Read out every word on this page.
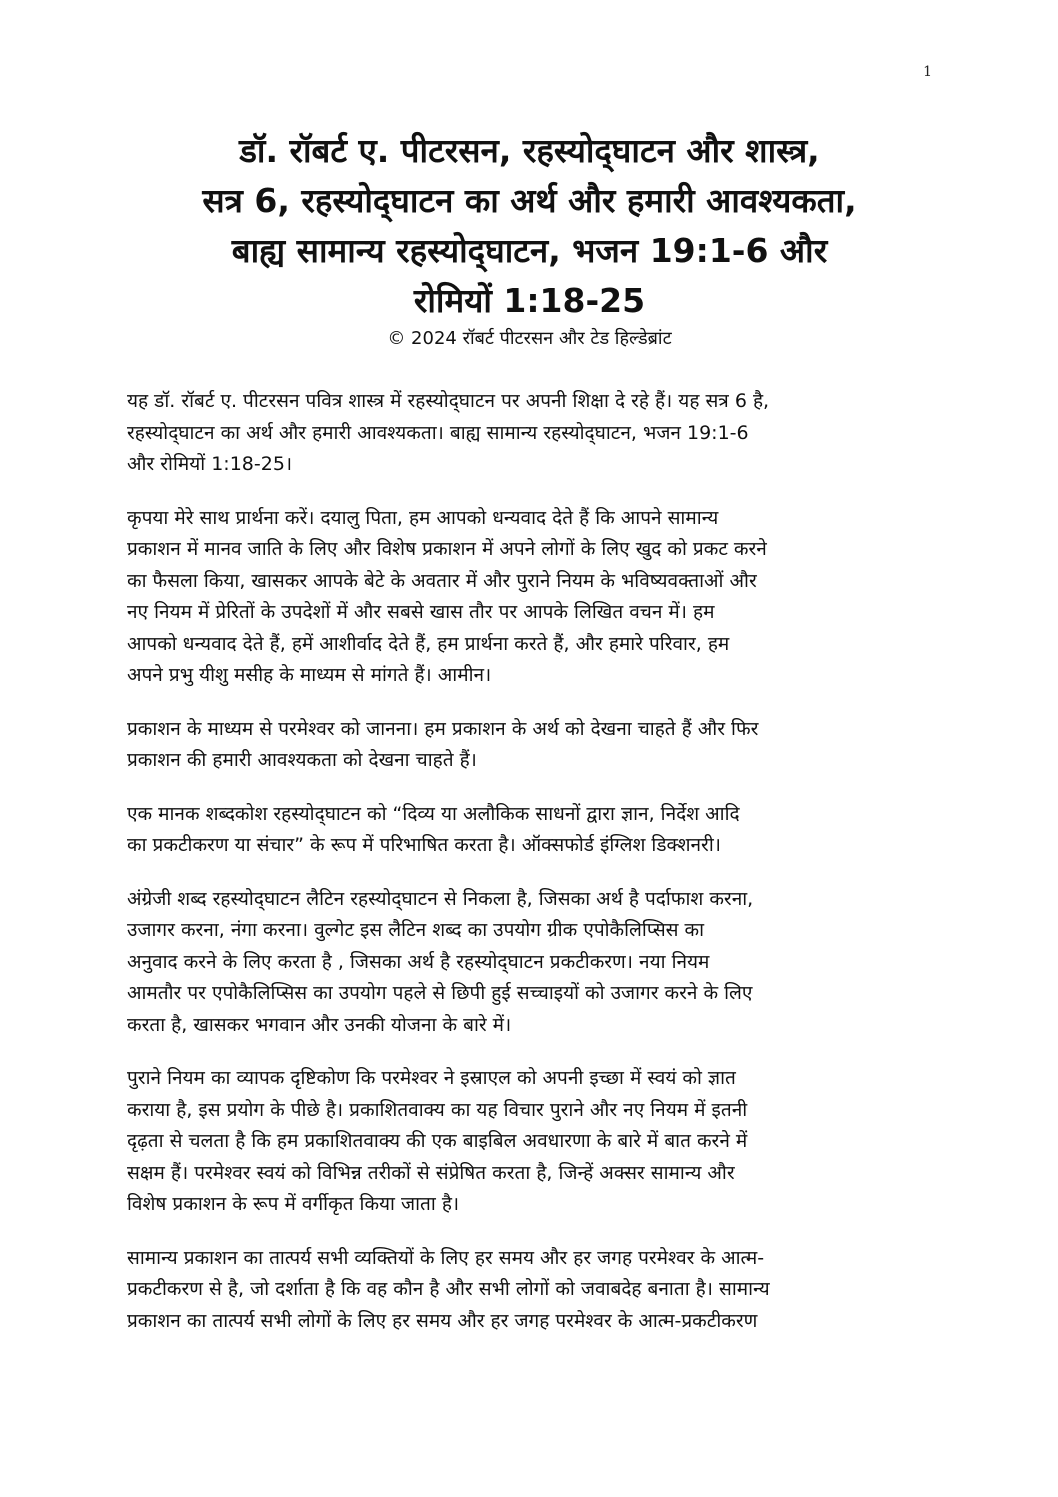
1
डॉ. रॉबर्ट ए. पीटरसन, रहस्योद्‌घाटन और शास्त्र,
सत्र 6, रहस्योद्‌घाटन का अर्थ और हमारी आवश्यकता,
बाह्य सामान्य रहस्योद्‌घाटन, भजन 19:1-6 और
रोमियों 1:18-25
© 2024 रॉबर्ट पीटरसन और टेड हिल्डेब्रांट

यह डॉ. रॉबर्ट ए. पीटरसन पवित्र शास्त्र में रहस्योद्‌घाटन पर अपनी शिक्षा दे रहे हैं। यह सत्र 6 है,
रहस्योद्‌घाटन का अर्थ और हमारी आवश्यकता। बाह्य सामान्य रहस्योद्‌घाटन, भजन 19:1-6
और रोमियों 1:18-25।

कृपया मेरे साथ प्रार्थना करें। दयालु पिता, हम आपको धन्यवाद देते हैं कि आपने सामान्य
प्रकाशन में मानव जाति के लिए और विशेष प्रकाशन में अपने लोगों के लिए खुद को प्रकट करने
का फैसला किया, खासकर आपके बेटे के अवतार में और पुराने नियम के भविष्यवक्ताओं और
नए नियम में प्रेरितों के उपदेशों में और सबसे खास तौर पर आपके लिखित वचन में। हम
आपको धन्यवाद देते हैं, हमें आशीर्वाद देते हैं, हम प्रार्थना करते हैं, और हमारे परिवार, हम
अपने प्रभु यीशु मसीह के माध्यम से मांगते हैं। आमीन।

प्रकाशन के माध्यम से परमेश्वर को जानना। हम प्रकाशन के अर्थ को देखना चाहते हैं और फिर
प्रकाशन की हमारी आवश्यकता को देखना चाहते हैं।

एक मानक शब्दकोश रहस्योद्‌घाटन को “दिव्य या अलौकिक साधनों द्वारा ज्ञान, निर्देश आदि
का प्रकटीकरण या संचार” के रूप में परिभाषित करता है। ऑक्सफोर्ड इंग्लिश डिक्शनरी।

अंग्रेजी शब्द रहस्योद्‌घाटन लैटिन रहस्योद्‌घाटन से निकला है, जिसका अर्थ है पर्दाफाश करना,
उजागर करना, नंगा करना। वुल्गेट इस लैटिन शब्द का उपयोग ग्रीक एपोकैलिप्सिस का
अनुवाद करने के लिए करता है , जिसका अर्थ है रहस्योद्‌घाटन प्रकटीकरण। नया नियम
आमतौर पर एपोकैलिप्सिस का उपयोग पहले से छिपी हुई सच्चाइयों को उजागर करने के लिए
करता है, खासकर भगवान और उनकी योजना के बारे में।

पुराने नियम का व्यापक दृष्टिकोण कि परमेश्वर ने इस्राएल को अपनी इच्छा में स्वयं को ज्ञात
कराया है, इस प्रयोग के पीछे है। प्रकाशितवाक्य का यह विचार पुराने और नए नियम में इतनी
दृढ़ता से चलता है कि हम प्रकाशितवाक्य की एक बाइबिल अवधारणा के बारे में बात करने में
सक्षम हैं। परमेश्वर स्वयं को विभिन्न तरीकों से संप्रेषित करता है, जिन्हें अक्सर सामान्य और
विशेष प्रकाशन के रूप में वर्गीकृत किया जाता है।

सामान्य प्रकाशन का तात्पर्य सभी व्यक्तियों के लिए हर समय और हर जगह परमेश्वर के आत्म-
प्रकटीकरण से है, जो दर्शाता है कि वह कौन है और सभी लोगों को जवाबदेह बनाता है। सामान्य
प्रकाशन का तात्पर्य सभी लोगों के लिए हर समय और हर जगह परमेश्वर के आत्म-प्रकटीकरण
